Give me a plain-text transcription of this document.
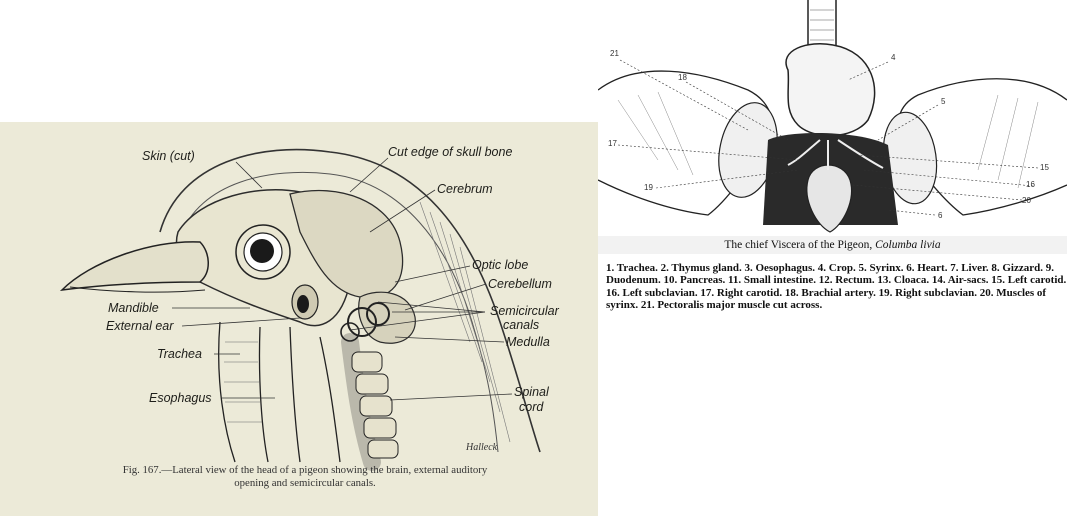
Skin (cut)	Cut edge of skull bone
Cerebrum
Optic lobe
Cerebellum
Semicircular
canals
Medulla
Spinal
cord
Mandible
External ear
Trachea
Esophagus
Halleck
Fig. 167.—Lateral view of the head of a pigeon showing the brain, external auditory
opening and semicircular canals.
21
18
4
5
17
15
19	16
20
6
The chief Viscera of the Pigeon, Columba livia
1. Trachea. 2. Thymus gland. 3. Oesophagus. 4. Crop. 5. Syrinx. 6. Heart. 7. Liver. 8. Gizzard. 9. Duodenum. 10. Pancreas. 11. Small intestine. 12. Rectum. 13. Cloaca. 14. Air-sacs. 15. Left carotid. 16. Left subclavian. 17. Right carotid. 18. Brachial artery. 19. Right subclavian. 20. Muscles of syrinx. 21. Pectoralis major muscle cut across.
